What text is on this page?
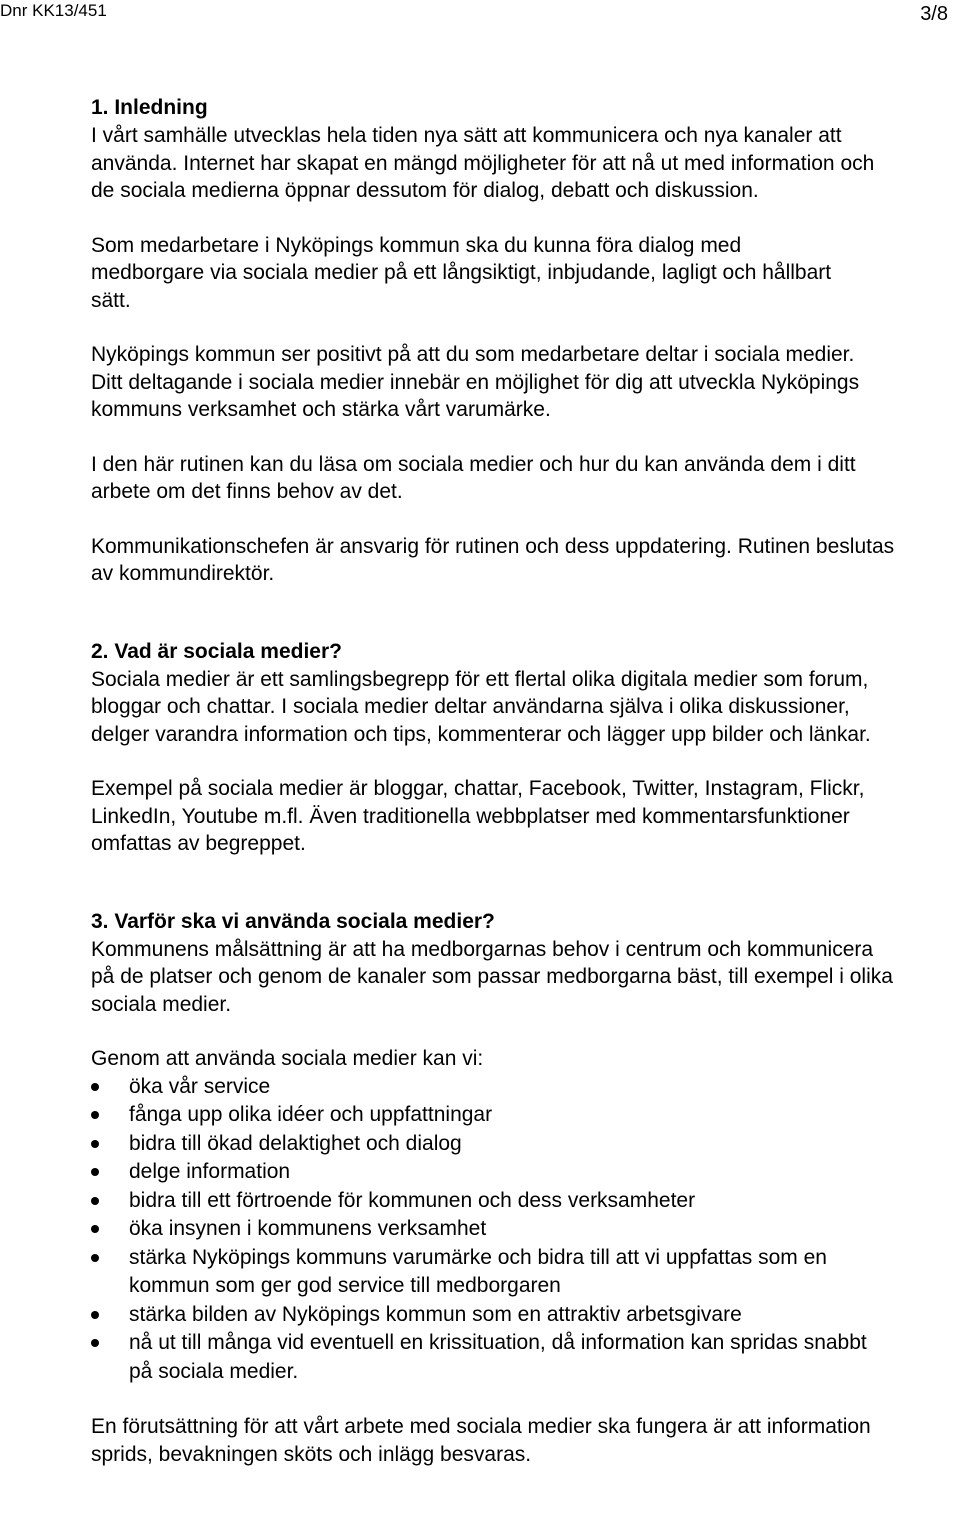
Dnr KK13/451	3/8
1. Inledning

I vårt samhälle utvecklas hela tiden nya sätt att kommunicera och nya kanaler att använda. Internet har skapat en mängd möjligheter för att nå ut med information och de sociala medierna öppnar dessutom för dialog, debatt och diskussion.

Som medarbetare i Nyköpings kommun ska du kunna föra dialog med medborgare via sociala medier på ett långsiktigt, inbjudande, lagligt och hållbart sätt.

Nyköpings kommun ser positivt på att du som medarbetare deltar i sociala medier. Ditt deltagande i sociala medier innebär en möjlighet för dig att utveckla Nyköpings kommuns verksamhet och stärka vårt varumärke.

I den här rutinen kan du läsa om sociala medier och hur du kan använda dem i ditt arbete om det finns behov av det.

Kommunikationschefen är ansvarig för rutinen och dess uppdatering. Rutinen beslutas av kommundirektör.

2. Vad är sociala medier?

Sociala medier är ett samlingsbegrepp för ett flertal olika digitala medier som forum, bloggar och chattar. I sociala medier deltar användarna själva i olika diskussioner, delger varandra information och tips, kommenterar och lägger upp bilder och länkar.

Exempel på sociala medier är bloggar, chattar, Facebook, Twitter, Instagram, Flickr, LinkedIn, Youtube m.fl. Även traditionella webbplatser med kommentarsfunktioner omfattas av begreppet.

3. Varför ska vi använda sociala medier?

Kommunens målsättning är att ha medborgarnas behov i centrum och kommunicera på de platser och genom de kanaler som passar medborgarna bäst, till exempel i olika sociala medier.

Genom att använda sociala medier kan vi:

öka vår service
fånga upp olika idéer och uppfattningar
bidra till ökad delaktighet och dialog
delge information
bidra till ett förtroende för kommunen och dess verksamheter
öka insynen i kommunens verksamhet
stärka Nyköpings kommuns varumärke och bidra till att vi uppfattas som en kommun som ger god service till medborgaren
stärka bilden av Nyköpings kommun som en attraktiv arbetsgivare
nå ut till många vid eventuell en krissituation, då information kan spridas snabbt på sociala medier.

En förutsättning för att vårt arbete med sociala medier ska fungera är att information sprids, bevakningen sköts och inlägg besvaras.
